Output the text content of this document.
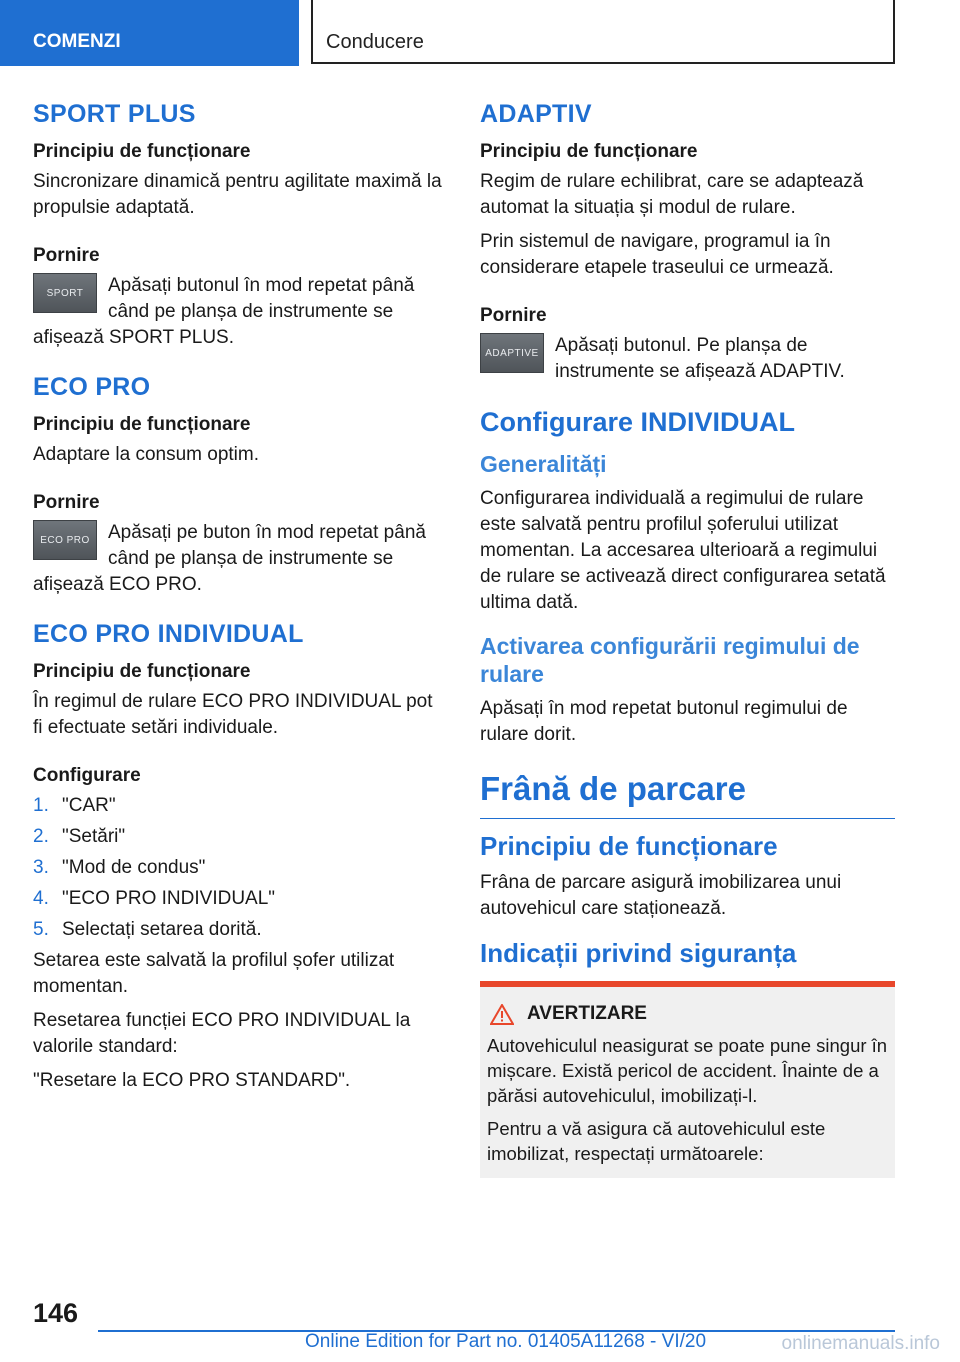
COMENZI	Conducere
SPORT PLUS
Principiu de funcționare

Sincronizare dinamică pentru agilitate maximă la propulsie adaptată.

Pornire
SPORT	Apăsați butonul în mod repetat până când pe planșa de instrumente se afișează SPORT PLUS.

ECO PRO
Principiu de funcționare

Adaptare la consum optim.

Pornire
ECO PRO Apăsați pe buton în mod repetat până când pe planșa de instrumente se afișează ECO PRO.

ECO PRO INDIVIDUAL
Principiu de funcționare

În regimul de rulare ECO PRO INDIVIDUAL pot fi efectuate setări individuale.

Configurare
1. "CAR"
2. "Setări"
3. "Mod de condus"
4. "ECO PRO INDIVIDUAL"
5. Selectați setarea dorită.

Setarea este salvată la profilul șofer utilizat momentan.

Resetarea funcției ECO PRO INDIVIDUAL la valorile standard:

"Resetare la ECO PRO STANDARD".

ADAPTIV
Principiu de funcționare

Regim de rulare echilibrat, care se adaptează automat la situația și modul de rulare.

Prin sistemul de navigare, programul ia în considerare etapele traseului ce urmează.

Pornire
ADAPTIVE Apăsați butonul. Pe planșa de instrumente se afișează ADAPTIV.

Configurare INDIVIDUAL
Generalități

Configurarea individuală a regimului de rulare este salvată pentru profilul șoferului utilizat momentan. La accesarea ulterioară a regimului de rulare se activează direct configurarea setată ultima dată.

Activarea configurării regimului de rulare

Apăsați în mod repetat butonul regimului de rulare dorit.

Frână de parcare
Principiu de funcționare

Frâna de parcare asigură imobilizarea unui autovehicul care staționează.

Indicații privind siguranța
AVERTIZARE

Autovehiculul neasigurat se poate pune singur în mișcare. Există pericol de accident. Înainte de a părăsi autovehiculul, imobilizați-l.

Pentru a vă asigura că autovehiculul este imobilizat, respectați următoarele:

146
Online Edition for Part no. 01405A11268 - VI/20	onlinemanuals.info
